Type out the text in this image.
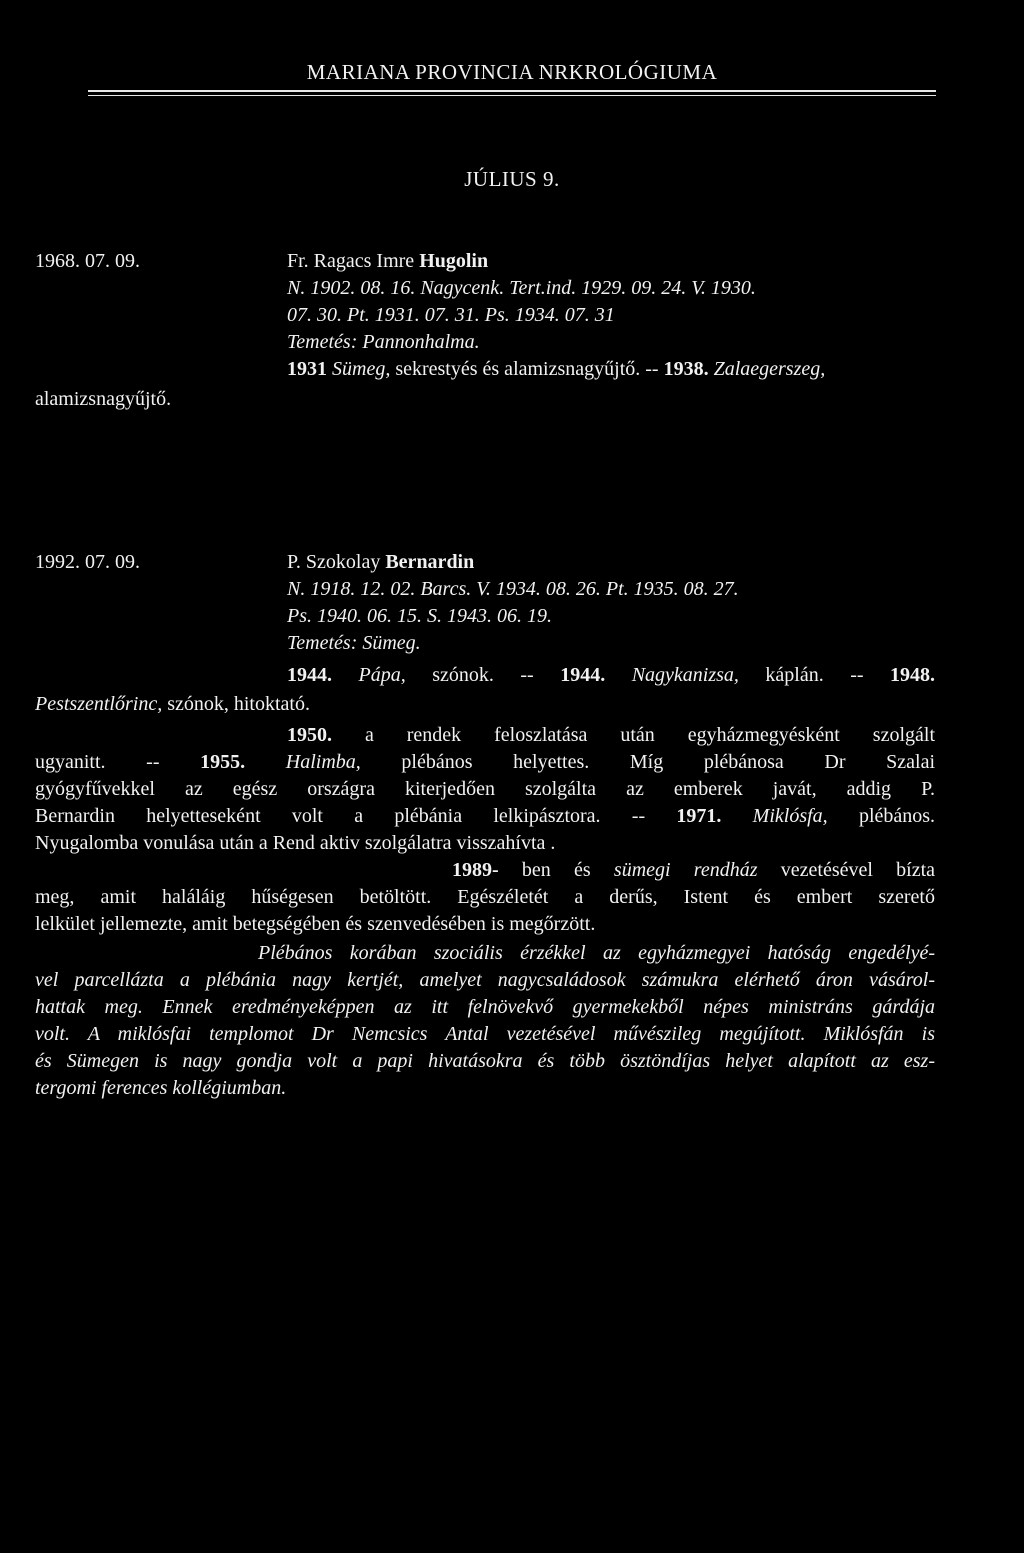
MARIANA PROVINCIA NRKROLÓGIUMA
JÚLIUS 9.
1968. 07. 09.	Fr. Ragacs Imre Hugolin
N. 1902. 08. 16. Nagycenk. Tert.ind. 1929. 09. 24. V. 1930.
07. 30. Pt. 1931. 07. 31. Ps. 1934. 07. 31
Temetés: Pannonhalma.
1931 Sümeg, sekrestyés és alamizsnagyűjtő. -- 1938. Zalaegerszeg,
alamizsnagyűjtő.
1992. 07. 09.	P. Szokolay Bernardin
N. 1918. 12. 02. Barcs. V. 1934. 08. 26. Pt. 1935. 08. 27.
Ps. 1940. 06. 15. S. 1943. 06. 19.
Temetés: Sümeg.
1944. Pápa, szónok. -- 1944. Nagykanizsa, káplán. -- 1948.
Pestszentlőrinc, szónok, hitoktató.
1950. a rendek feloszlatása után egyházmegyésként szolgált
ugyanitt. -- 1955. Halimba, plébános helyettes. Míg plébánosa Dr Szalai
gyógyfűvekkel az egész országra kiterjedően szolgálta az emberek javát, addig P.
Bernardin helyetteseként volt a plébánia lelkipásztora. -- 1971. Miklósfa, plébános.
Nyugalomba vonulása után a Rend aktiv szolgálatra visszahívta .
1989- ben és sümegi rendház vezetésével bízta
meg, amit haláláig hűségesen betöltött. Egészéletét a derűs, Istent és embert szerető
lelkület jellemezte, amit betegségében és szenvedésében is megőrzött.
Plébános korában szociális érzékkel az egyházmegyei hatóság engedélyé-
vel parcellázta a plébánia nagy kertjét, amelyet nagycsaládosok számukra elérhető áron vásárol-
hattak meg. Ennek eredményeképpen az itt felnövekvő gyermekekből népes ministráns gárdája
volt. A miklósfai templomot Dr Nemcsics Antal vezetésével művészileg megújított. Miklósfán is
és Sümegen is nagy gondja volt a papi hivatásokra és több ösztöndíjas helyet alapított az esz-
tergomi ferences kollégiumban.
